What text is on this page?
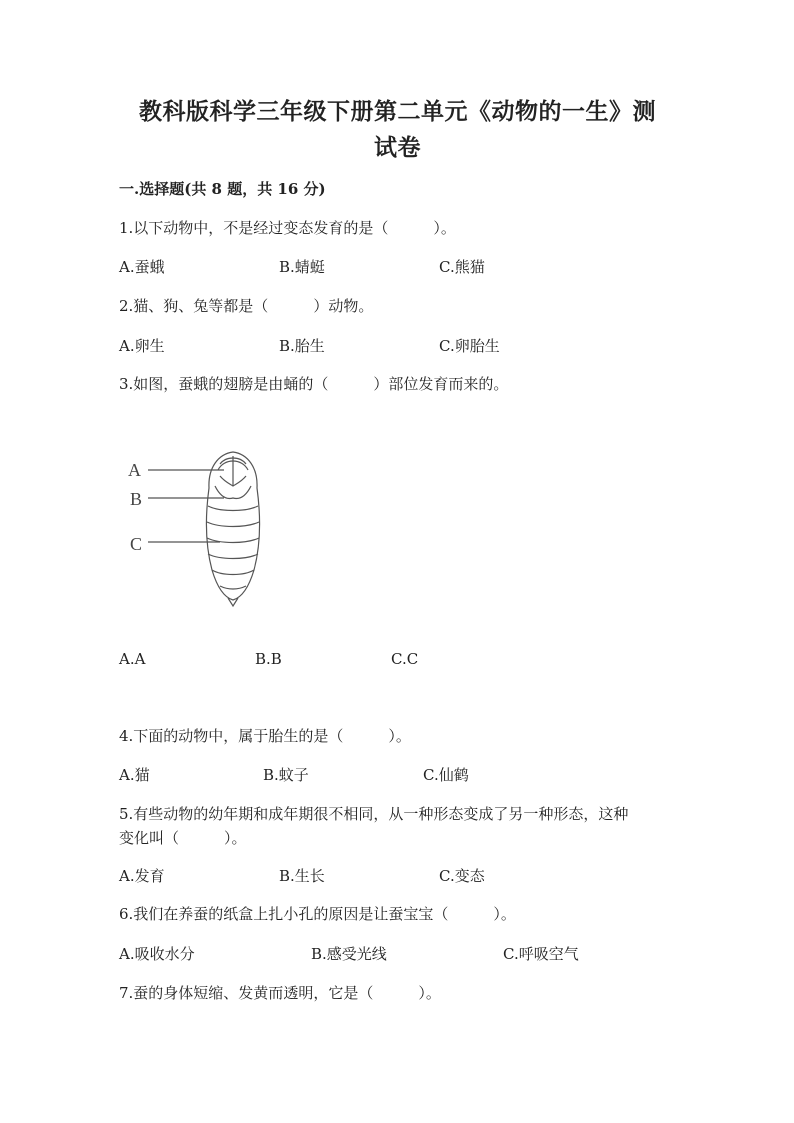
教科版科学三年级下册第二单元《动物的一生》测
试卷
一.选择题(共 8 题，共 16 分)
1.以下动物中，不是经过变态发育的是（　　　）。
A.蚕蛾	B.蜻蜓	C.熊猫
2.猫、狗、兔等都是（　　　）动物。
A.卵生	B.胎生	C.卵胎生
3.如图，蚕蛾的翅膀是由蛹的（　　　）部位发育而来的。
A
B
C
A.A	B.B	C.C
4.下面的动物中，属于胎生的是（　　　）。
A.猫	B.蚊子	C.仙鹤
5.有些动物的幼年期和成年期很不相同，从一种形态变成了另一种形态，这种
变化叫（　　　）。
A.发育	B.生长	C.变态
6.我们在养蚕的纸盒上扎小孔的原因是让蚕宝宝（　　　）。
A.吸收水分	B.感受光线	C.呼吸空气
7.蚕的身体短缩、发黄而透明，它是（　　　）。
